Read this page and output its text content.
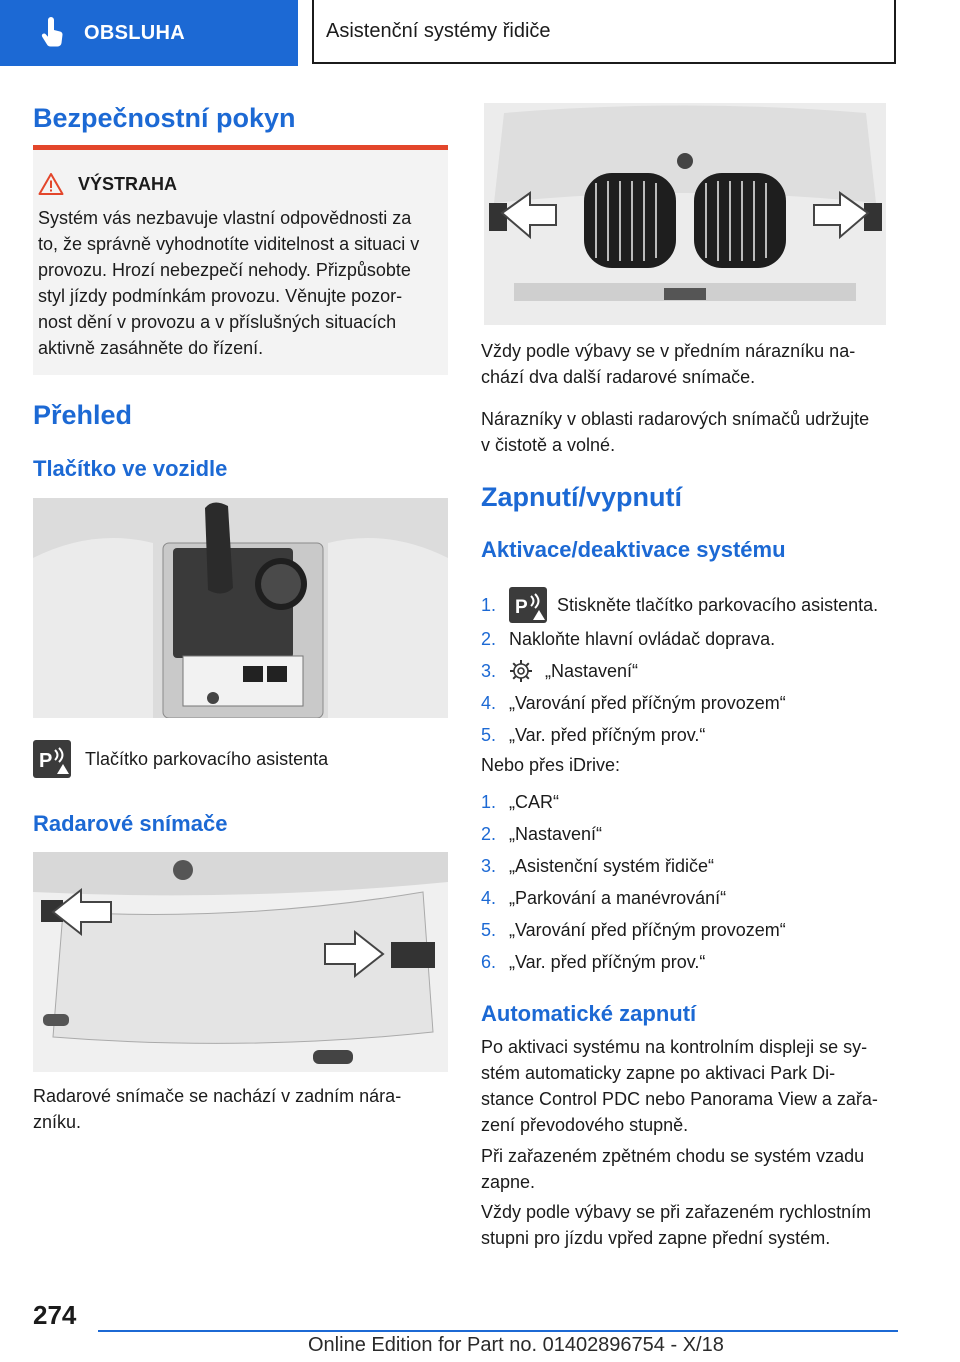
OBSLUHA	Asistenční systémy řidiče
Bezpečnostní pokyn
VÝSTRAHA
Systém vás nezbavuje vlastní odpovědnosti za
to, že správně vyhodnotíte viditelnost a situaci v
provozu. Hrozí nebezpečí nehody. Přizpůsobte
styl jízdy podmínkám provozu. Věnujte pozor-
nost dění v provozu a v příslušných situacích
aktivně zasáhněte do řízení.
Přehled
Tlačítko ve vozidle
P Tlačítko parkovacího asistenta
Radarové snímače
Radarové snímače se nachází v zadním nára-
zníku.
Vždy podle výbavy se v předním nárazníku na-
chází dva další radarové snímače.
Nárazníky v oblasti radarových snímačů udržujte
v čistotě a volné.
Zapnutí/vypnutí
Aktivace/deaktivace systému
1. P Stiskněte tlačítko parkovacího asistenta.
2. Nakloňte hlavní ovládač doprava.
3.	„Nastavení“
4. „Varování před příčným provozem“
5. „Var. před příčným prov.“
Nebo přes iDrive:
1. „CAR“
2. „Nastavení“
3. „Asistenční systém řidiče“
4. „Parkování a manévrování“
5. „Varování před příčným provozem“
6. „Var. před příčným prov.“
Automatické zapnutí
Po aktivaci systému na kontrolním displeji se sy-
stém automaticky zapne po aktivaci Park Di-
stance Control PDC nebo Panorama View a zařa-
zení převodového stupně.
Při zařazeném zpětném chodu se systém vzadu
zapne.
Vždy podle výbavy se při zařazeném rychlostním
stupni pro jízdu vpřed zapne přední systém.
274
Online Edition for Part no. 01402896754 - X/18
